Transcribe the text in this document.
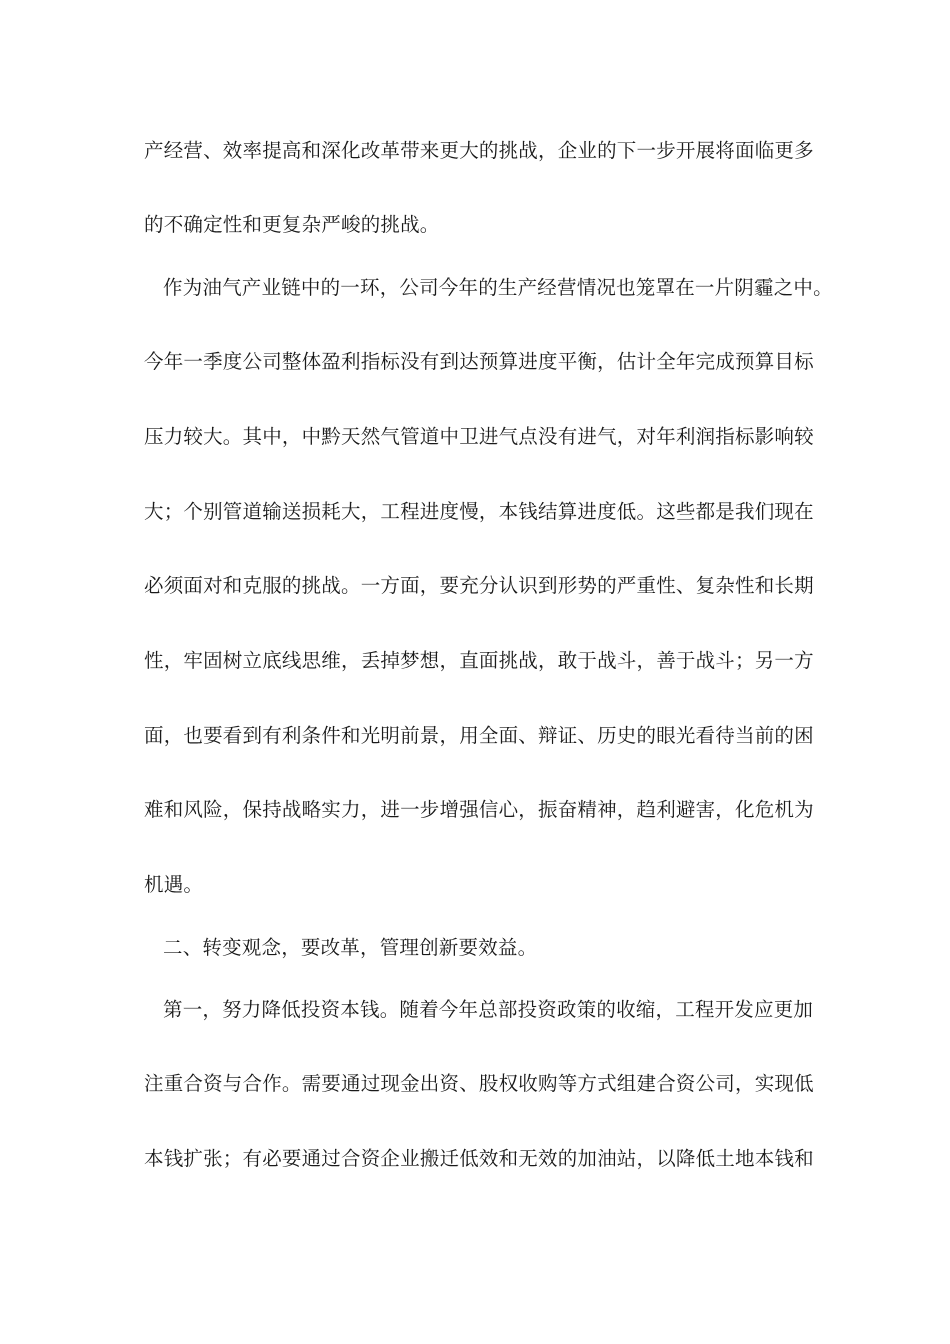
产经营、效率提高和深化改革带来更大的挑战，企业的下一步开展将面临更多
的不确定性和更复杂严峻的挑战。
作为油气产业链中的一环，公司今年的生产经营情况也笼罩在一片阴霾之中。
今年一季度公司整体盈利指标没有到达预算进度平衡，估计全年完成预算目标
压力较大。其中，中黔天然气管道中卫进气点没有进气，对年利润指标影响较
大；个别管道输送损耗大，工程进度慢，本钱结算进度低。这些都是我们现在
必须面对和克服的挑战。一方面，要充分认识到形势的严重性、复杂性和长期
性，牢固树立底线思维，丢掉梦想，直面挑战，敢于战斗，善于战斗；另一方
面，也要看到有利条件和光明前景，用全面、辩证、历史的眼光看待当前的困
难和风险，保持战略实力，进一步增强信心，振奋精神，趋利避害，化危机为
机遇。
二、转变观念，要改革，管理创新要效益。
第一，努力降低投资本钱。随着今年总部投资政策的收缩，工程开发应更加
注重合资与合作。需要通过现金出资、股权收购等方式组建合资公司，实现低
本钱扩张；有必要通过合资企业搬迁低效和无效的加油站，以降低土地本钱和
